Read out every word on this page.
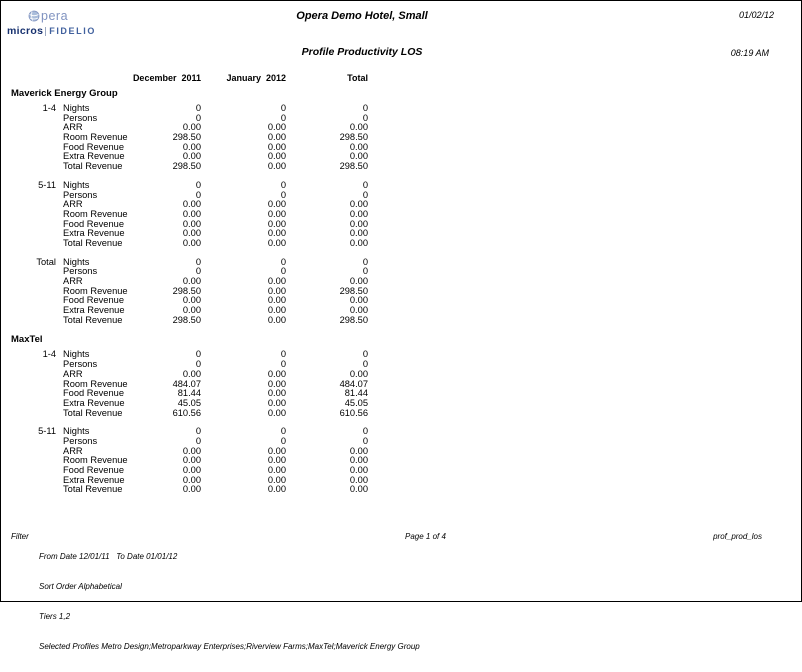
pera
micros FIDELIO
Opera Demo Hotel, Small
Profile Productivity LOS
01/02/12
08:19 AM
December  2011	January  2012	Total
Maverick Energy Group
1-4 Nights	0	0	0
Persons	0	0	0
ARR	0.00	0.00	0.00
Room Revenue	298.50	0.00	298.50
Food Revenue	0.00	0.00	0.00
Extra Revenue	0.00	0.00	0.00
Total Revenue	298.50	0.00	298.50
5-11 Nights	0	0	0
Persons	0	0	0
ARR	0.00	0.00	0.00
Room Revenue	0.00	0.00	0.00
Food Revenue	0.00	0.00	0.00
Extra Revenue	0.00	0.00	0.00
Total Revenue	0.00	0.00	0.00
Total Nights	0	0	0
Persons	0	0	0
ARR	0.00	0.00	0.00
Room Revenue	298.50	0.00	298.50
Food Revenue	0.00	0.00	0.00
Extra Revenue	0.00	0.00	0.00
Total Revenue	298.50	0.00	298.50
MaxTel
1-4 Nights	0	0	0
Persons	0	0	0
ARR	0.00	0.00	0.00
Room Revenue	484.07	0.00	484.07
Food Revenue	81.44	0.00	81.44
Extra Revenue	45.05	0.00	45.05
Total Revenue	610.56	0.00	610.56
5-11 Nights	0	0	0
Persons	0	0	0
ARR	0.00	0.00	0.00
Room Revenue	0.00	0.00	0.00
Food Revenue	0.00	0.00	0.00
Extra Revenue	0.00	0.00	0.00
Total Revenue	0.00	0.00	0.00
Filter

From Date 12/01/11   To Date 01/01/12

Sort Order Alphabetical

Tiers 1,2

Selected Profiles Metro Design;Metroparkway Enterprises;Riverview Farms;MaxTel;Maverick Energy Group

Page 1 of 4	prof_prod_los
